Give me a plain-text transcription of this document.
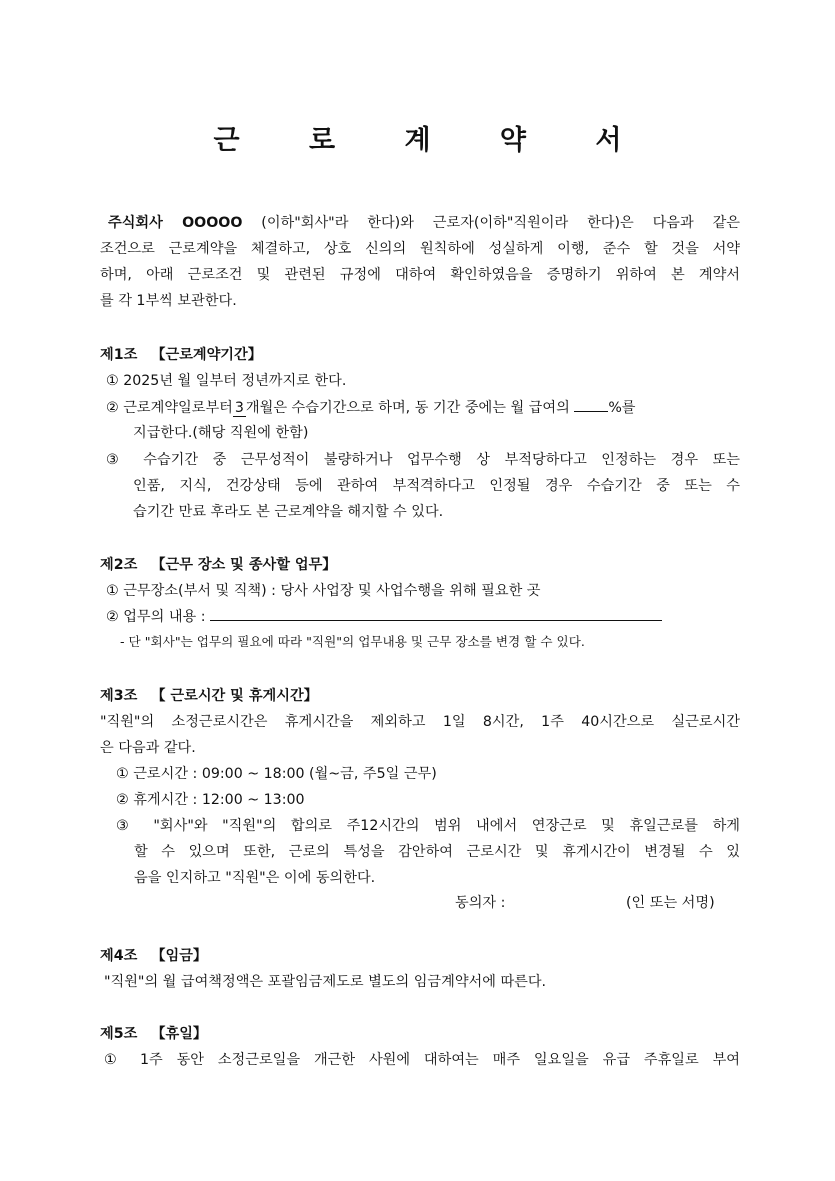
근 로 계 약 서
주식회사 OOOOO (이하"회사"라 한다)와 근로자(이하"직원이라 한다)은 다음과 같은
조건으로 근로계약을 체결하고, 상호 신의의 원칙하에 성실하게 이행, 준수 할 것을 서약
하며, 아래 근로조건 및 관련된 규정에 대하여 확인하였음을 증명하기 위하여 본 계약서
를 각 1부씩 보관한다.
제1조 【근로계약기간】
① 2025년 월 일부터 정년까지로 한다.
② 근로계약일로부터 3 개월은 수습기간으로 하며, 동 기간 중에는 월 급여의	%를
지급한다.(해당 직원에 한함)
③ 수습기간 중 근무성적이 불량하거나 업무수행 상 부적당하다고 인정하는 경우 또는
인품, 지식, 건강상태 등에 관하여 부적격하다고 인정될 경우 수습기간 중 또는 수
습기간 만료 후라도 본 근로계약을 해지할 수 있다.
제2조 【근무 장소 및 종사할 업무】
① 근무장소(부서 및 직책) : 당사 사업장 및 사업수행을 위해 필요한 곳
② 업무의 내용 :
- 단 "회사"는 업무의 필요에 따라 "직원"의 업무내용 및 근무 장소를 변경 할 수 있다.
제3조 【 근로시간 및 휴게시간】
"직원"의 소정근로시간은 휴게시간을 제외하고 1일 8시간, 1주 40시간으로 실근로시간
은 다음과 같다.
① 근로시간 : 09:00 ~ 18:00 (월~금, 주5일 근무)
② 휴게시간 : 12:00 ~ 13:00
③ "회사"와 "직원"의 합의로 주12시간의 범위 내에서 연장근로 및 휴일근로를 하게
할 수 있으며 또한, 근로의 특성을 감안하여 근로시간 및 휴게시간이 변경될 수 있
음을 인지하고 "직원"은 이에 동의한다.
동의자 :	(인 또는 서명)
제4조 【임금】
"직원"의 월 급여책정액은 포괄임금제도로 별도의 임금계약서에 따른다.
제5조 【휴일】
① 1주 동안 소정근로일을 개근한 사원에 대하여는 매주 일요일을 유급 주휴일로 부여
